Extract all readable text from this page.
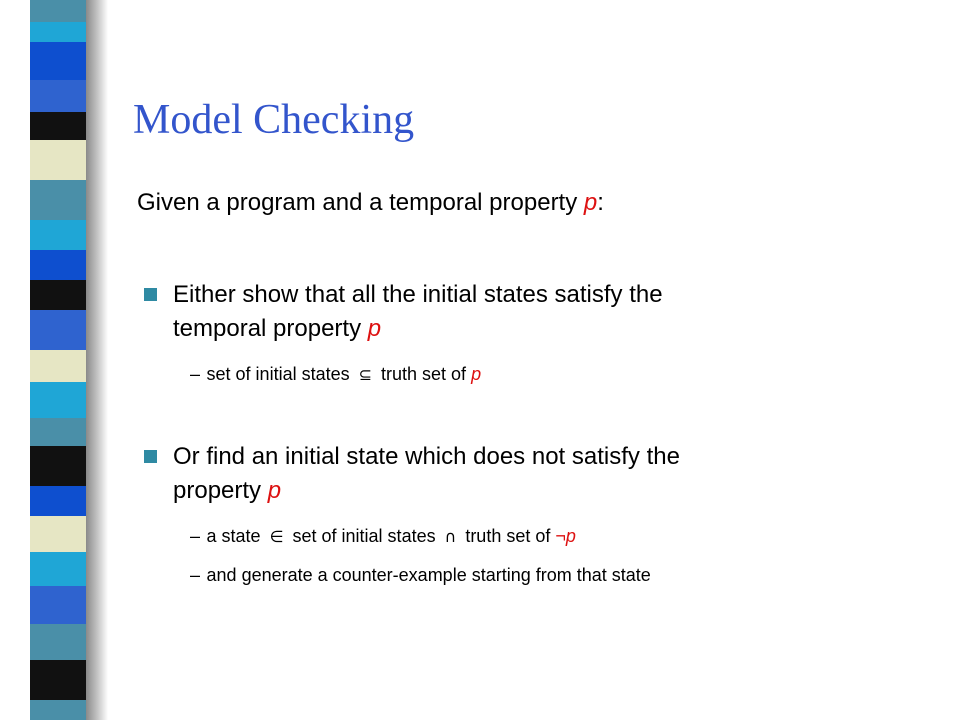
Model Checking

Given a program and a temporal property p:

Either show that all the initial states satisfy the

temporal property p

–  set of initial states ⊆ truth set of p

Or find an initial state which does not satisfy the

property p

–  a state ∈ set of initial states ∩ truth set of ¬p

–  and generate a counter-example starting from that state
